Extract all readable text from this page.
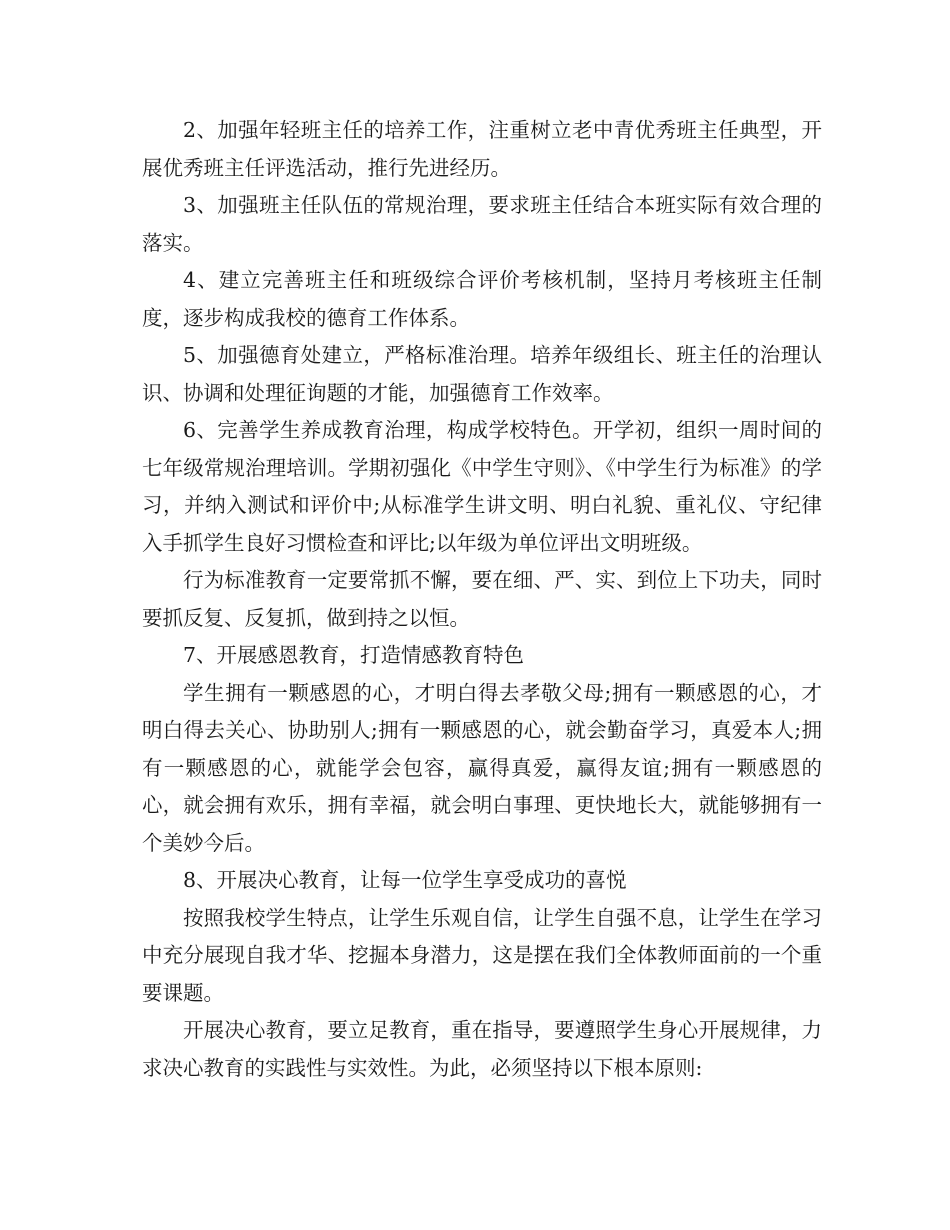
2、加强年轻班主任的培养工作，注重树立老中青优秀班主任典型，开展优秀班主任评选活动，推行先进经历。

3、加强班主任队伍的常规治理，要求班主任结合本班实际有效合理的落实。

4、建立完善班主任和班级综合评价考核机制，坚持月考核班主任制度，逐步构成我校的德育工作体系。

5、加强德育处建立，严格标准治理。培养年级组长、班主任的治理认识、协调和处理征询题的才能，加强德育工作效率。

6、完善学生养成教育治理，构成学校特色。开学初，组织一周时间的七年级常规治理培训。学期初强化《中学生守则》、《中学生行为标准》的学习，并纳入测试和评价中;从标准学生讲文明、明白礼貌、重礼仪、守纪律入手抓学生良好习惯检查和评比;以年级为单位评出文明班级。

行为标准教育一定要常抓不懈，要在细、严、实、到位上下功夫，同时要抓反复、反复抓，做到持之以恒。

7、开展感恩教育，打造情感教育特色

学生拥有一颗感恩的心，才明白得去孝敬父母;拥有一颗感恩的心，才明白得去关心、协助别人;拥有一颗感恩的心，就会勤奋学习，真爱本人;拥有一颗感恩的心，就能学会包容，赢得真爱，赢得友谊;拥有一颗感恩的心，就会拥有欢乐，拥有幸福，就会明白事理、更快地长大，就能够拥有一个美妙今后。

8、开展决心教育，让每一位学生享受成功的喜悦

按照我校学生特点，让学生乐观自信，让学生自强不息，让学生在学习中充分展现自我才华、挖掘本身潜力，这是摆在我们全体教师面前的一个重要课题。

开展决心教育，要立足教育，重在指导，要遵照学生身心开展规律，力求决心教育的实践性与实效性。为此，必须坚持以下根本原则:
